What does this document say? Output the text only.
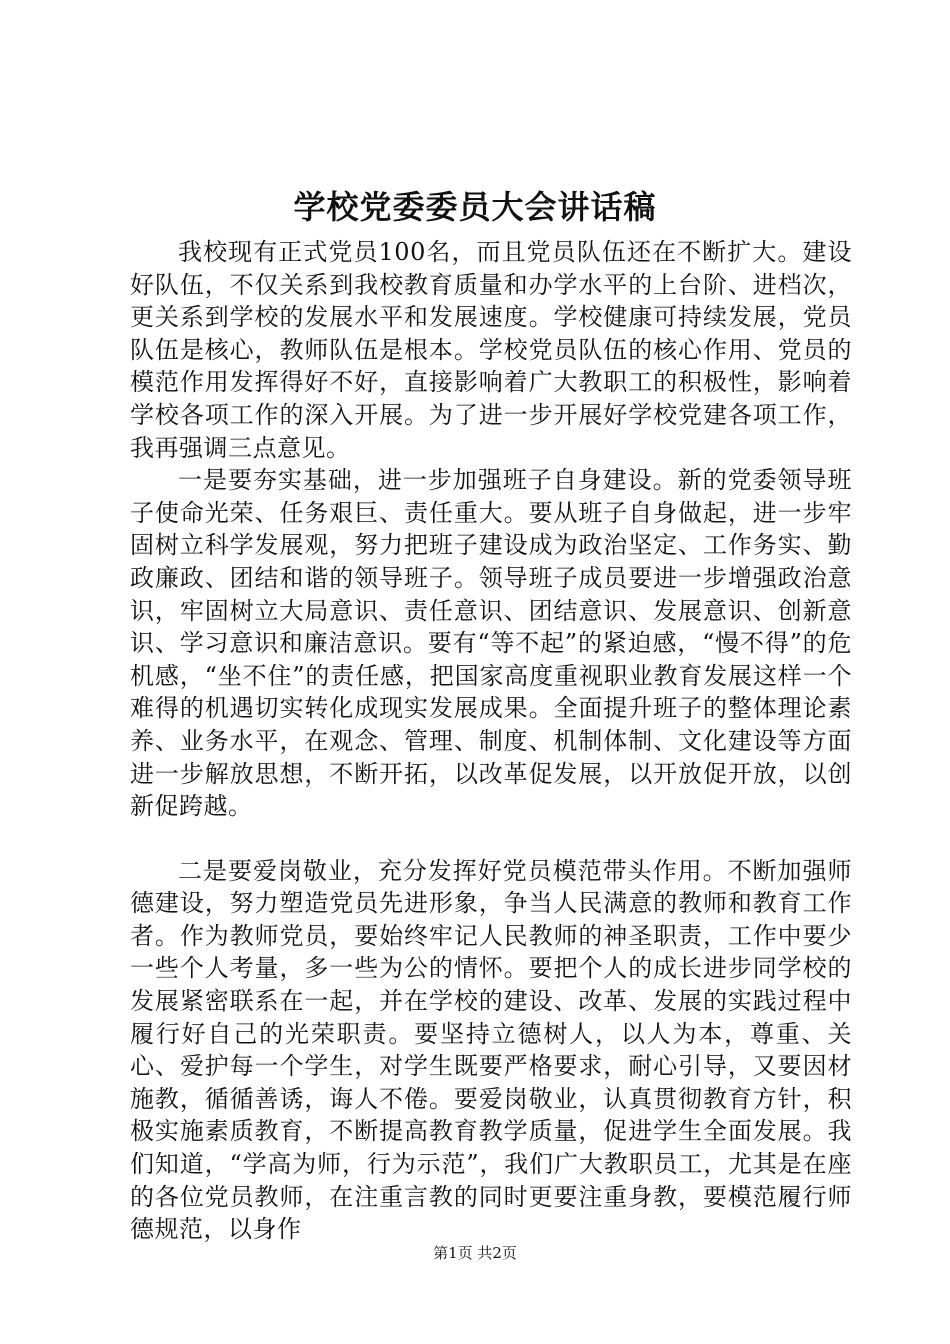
学校党委委员大会讲话稿

我校现有正式党员100名，而且党员队伍还在不断扩大。建设好队伍，不仅关系到我校教育质量和办学水平的上台阶、进档次，更关系到学校的发展水平和发展速度。学校健康可持续发展，党员队伍是核心，教师队伍是根本。学校党员队伍的核心作用、党员的模范作用发挥得好不好，直接影响着广大教职工的积极性，影响着学校各项工作的深入开展。为了进一步开展好学校党建各项工作，我再强调三点意见。

一是要夯实基础，进一步加强班子自身建设。新的党委领导班子使命光荣、任务艰巨、责任重大。要从班子自身做起，进一步牢固树立科学发展观，努力把班子建设成为政治坚定、工作务实、勤政廉政、团结和谐的领导班子。领导班子成员要进一步增强政治意识，牢固树立大局意识、责任意识、团结意识、发展意识、创新意识、学习意识和廉洁意识。要有“等不起”的紧迫感，“慢不得”的危机感，“坐不住”的责任感，把国家高度重视职业教育发展这样一个难得的机遇切实转化成现实发展成果。全面提升班子的整体理论素养、业务水平，在观念、管理、制度、机制体制、文化建设等方面进一步解放思想，不断开拓，以改革促发展，以开放促开放，以创新促跨越。

二是要爱岗敬业，充分发挥好党员模范带头作用。不断加强师德建设，努力塑造党员先进形象，争当人民满意的教师和教育工作者。作为教师党员，要始终牢记人民教师的神圣职责，工作中要少一些个人考量，多一些为公的情怀。要把个人的成长进步同学校的发展紧密联系在一起，并在学校的建设、改革、发展的实践过程中履行好自己的光荣职责。要坚持立德树人，以人为本，尊重、关心、爱护每一个学生，对学生既要严格要求，耐心引导，又要因材施教，循循善诱，诲人不倦。要爱岗敬业，认真贯彻教育方针，积极实施素质教育，不断提高教育教学质量，促进学生全面发展。我们知道，“学高为师，行为示范”，我们广大教职员工，尤其是在座的各位党员教师，在注重言教的同时更要注重身教，要模范履行师德规范，以身作

第1页 共2页
